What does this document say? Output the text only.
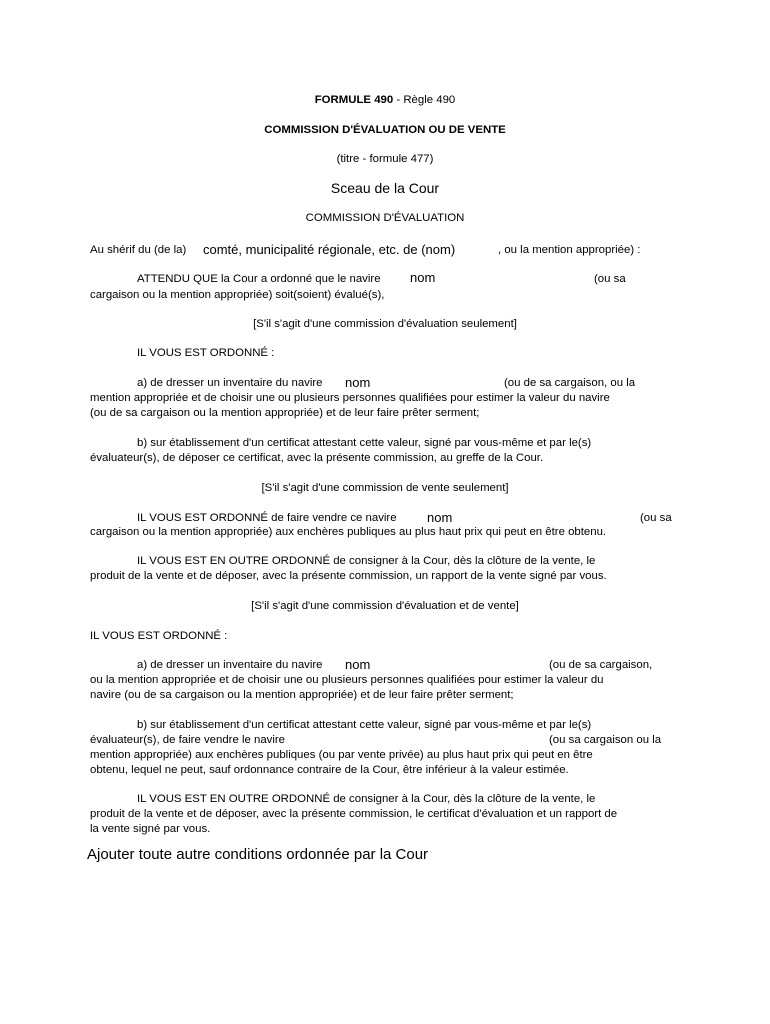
FORMULE 490 - Règle 490
COMMISSION D'ÉVALUATION OU DE VENTE
(titre - formule 477)
Sceau de la Cour
COMMISSION D'ÉVALUATION
Au shérif du (de la) comté, municipalité régionale, etc. de (nom)	, ou la mention appropriée) :
ATTENDU QUE la Cour a ordonné que le navire nom	(ou sa
cargaison ou la mention appropriée) soit(soient) évalué(s),
[S'il s'agit d'une commission d'évaluation seulement]
IL VOUS EST ORDONNÉ :
a) de dresser un inventaire du navire nom	(ou de sa cargaison, ou la
mention appropriée et de choisir une ou plusieurs personnes qualifiées pour estimer la valeur du navire
(ou de sa cargaison ou la mention appropriée) et de leur faire prêter serment;
b) sur établissement d'un certificat attestant cette valeur, signé par vous-même et par le(s)
évaluateur(s), de déposer ce certificat, avec la présente commission, au greffe de la Cour.
[S'il s'agit d'une commission de vente seulement]
IL VOUS EST ORDONNÉ de faire vendre ce navire nom	(ou sa
cargaison ou la mention appropriée) aux enchères publiques au plus haut prix qui peut en être obtenu.
IL VOUS EST EN OUTRE ORDONNÉ de consigner à la Cour, dès la clôture de la vente, le
produit de la vente et de déposer, avec la présente commission, un rapport de la vente signé par vous.
[S'il s'agit d'une commission d'évaluation et de vente]
IL VOUS EST ORDONNÉ :
a) de dresser un inventaire du navire nom	(ou de sa cargaison,
ou la mention appropriée et de choisir une ou plusieurs personnes qualifiées pour estimer la valeur du
navire (ou de sa cargaison ou la mention appropriée) et de leur faire prêter serment;
b) sur établissement d'un certificat attestant cette valeur, signé par vous-même et par le(s)
évaluateur(s), de faire vendre le navire	(ou sa cargaison ou la
mention appropriée) aux enchères publiques (ou par vente privée) au plus haut prix qui peut en être
obtenu, lequel ne peut, sauf ordonnance contraire de la Cour, être inférieur à la valeur estimée.
IL VOUS EST EN OUTRE ORDONNÉ de consigner à la Cour, dès la clôture de la vente, le
produit de la vente et de déposer, avec la présente commission, le certificat d'évaluation et un rapport de
la vente signé par vous.
Ajouter toute autre conditions ordonnée par la Cour
